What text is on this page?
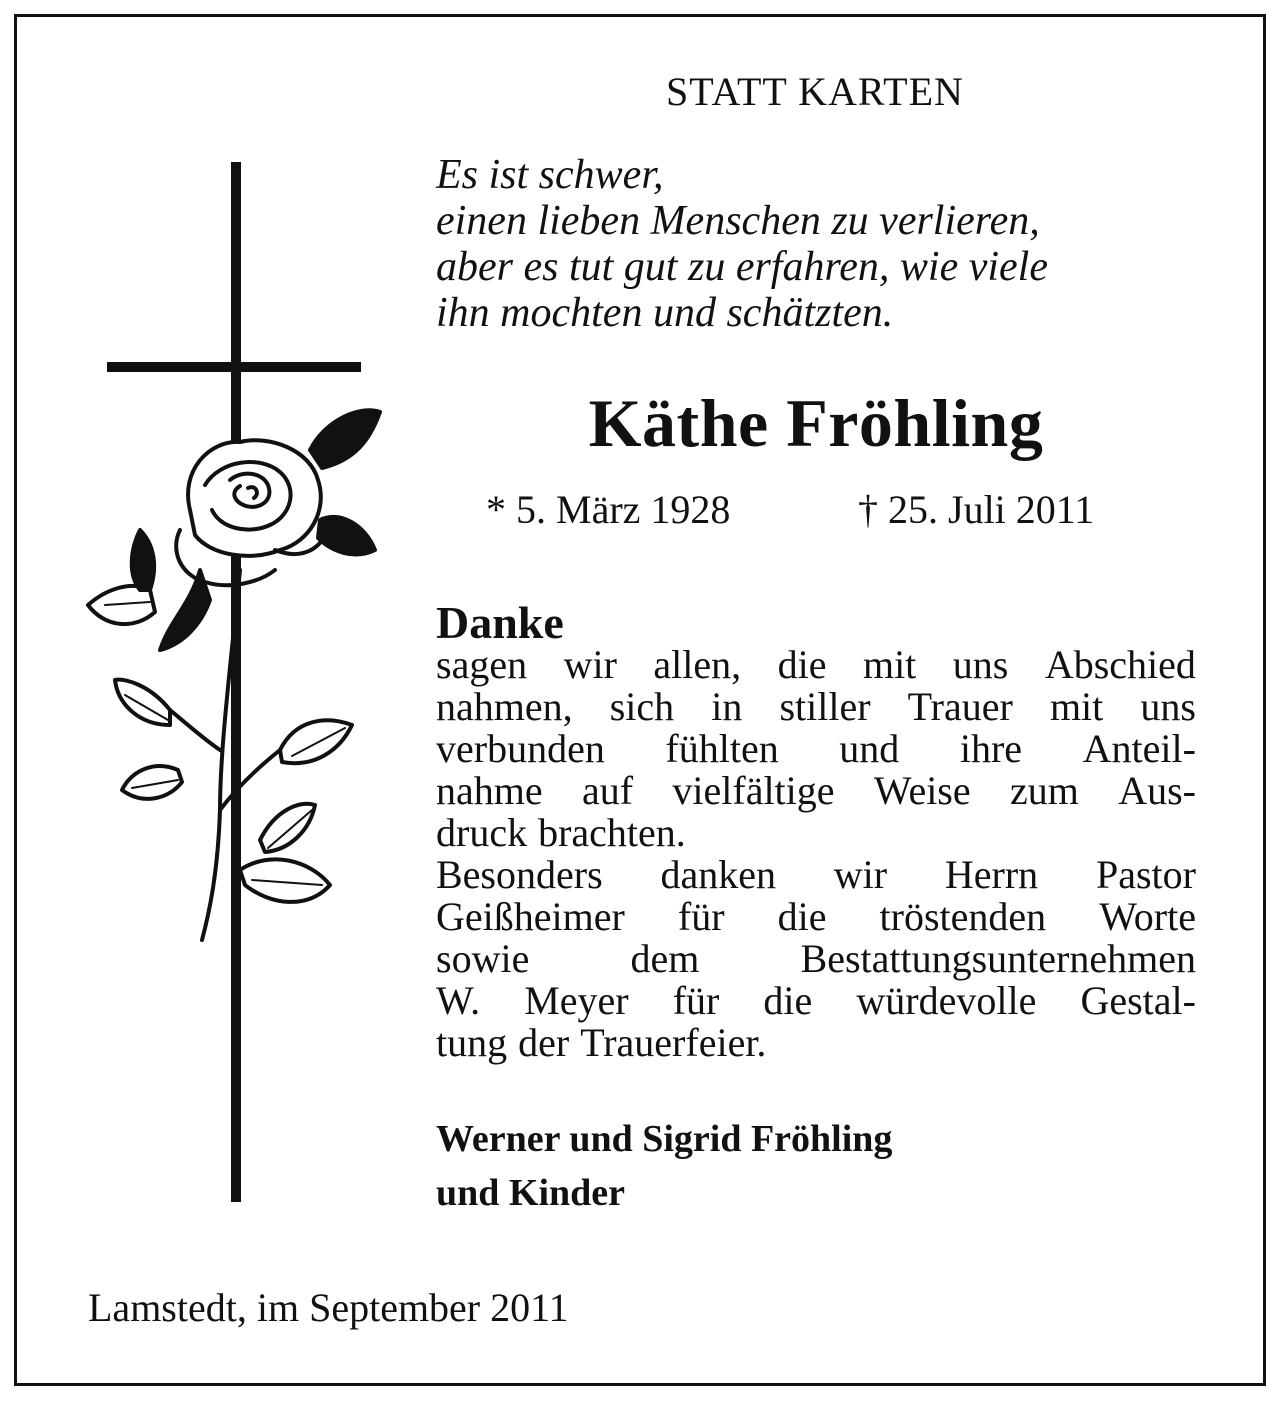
STATT KARTEN
Es ist schwer,
einen lieben Menschen zu verlieren,
aber es tut gut zu erfahren, wie viele
ihn mochten und schätzten.
Käthe Fröhling
* 5. März 1928	† 25. Juli 2011
Danke
sagen wir allen, die mit uns Abschied
nahmen, sich in stiller Trauer mit uns
verbunden fühlten und ihre Anteil-
nahme auf vielfältige Weise zum Aus-
druck brachten.
Besonders danken wir Herrn Pastor
Geißheimer für die tröstenden Worte
sowie	dem	Bestattungsunternehmen
W. Meyer für die würdevolle Gestal-
tung der Trauerfeier.
Werner und Sigrid Fröhling
und Kinder
Lamstedt, im September 2011
